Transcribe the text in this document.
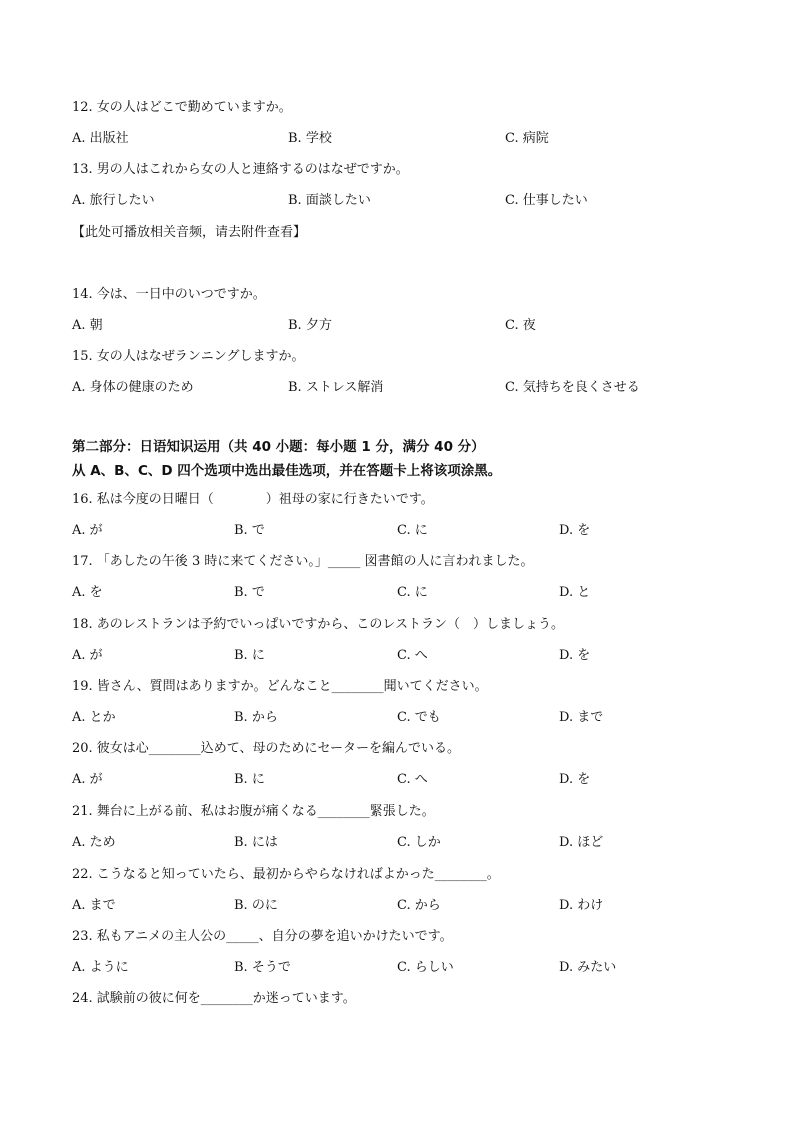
12. 女の人はどこで勤めていますか。
A. 出版社	B. 学校	C. 病院
13. 男の人はこれから女の人と連絡するのはなぜですか。
A. 旅行したい	B. 面談したい	C. 仕事したい
【此处可播放相关音频，请去附件查看】
14. 今は、一日中のいつですか。
A. 朝	B. 夕方	C. 夜
15. 女の人はなぜランニングしますか。
A. 身体の健康のため	B. ストレス解消	C. 気持ちを良くさせる
第二部分：日语知识运用（共 40 小题：每小题 1 分，满分 40 分）
从 A、B、C、D 四个选项中选出最佳选项，并在答题卡上将该项涂黑。
16. 私は今度の日曜日（　　　　）祖母の家に行きたいです。
A. が	B. で	C. に	D. を
17. 「あしたの午後 3 時に来てください。」_____ 図書館の人に言われました。
A. を	B. で	C. に	D. と
18. あのレストランは予約でいっぱいですから、このレストラン（　）しましょう。
A. が	B. に	C. へ	D. を
19. 皆さん、質問はありますか。どんなこと________聞いてください。
A. とか	B. から	C. でも	D. まで
20. 彼女は心________込めて、母のためにセーターを編んでいる。
A. が	B. に	C. へ	D. を
21. 舞台に上がる前、私はお腹が痛くなる________緊張した。
A. ため	B. には	C. しか	D. ほど
22. こうなると知っていたら、最初からやらなければよかった________。
A. まで	B. のに	C. から	D. わけ
23. 私もアニメの主人公の_____、自分の夢を追いかけたいです。
A. ように	B. そうで	C. らしい	D. みたい
24. 試験前の彼に何を________か迷っています。
